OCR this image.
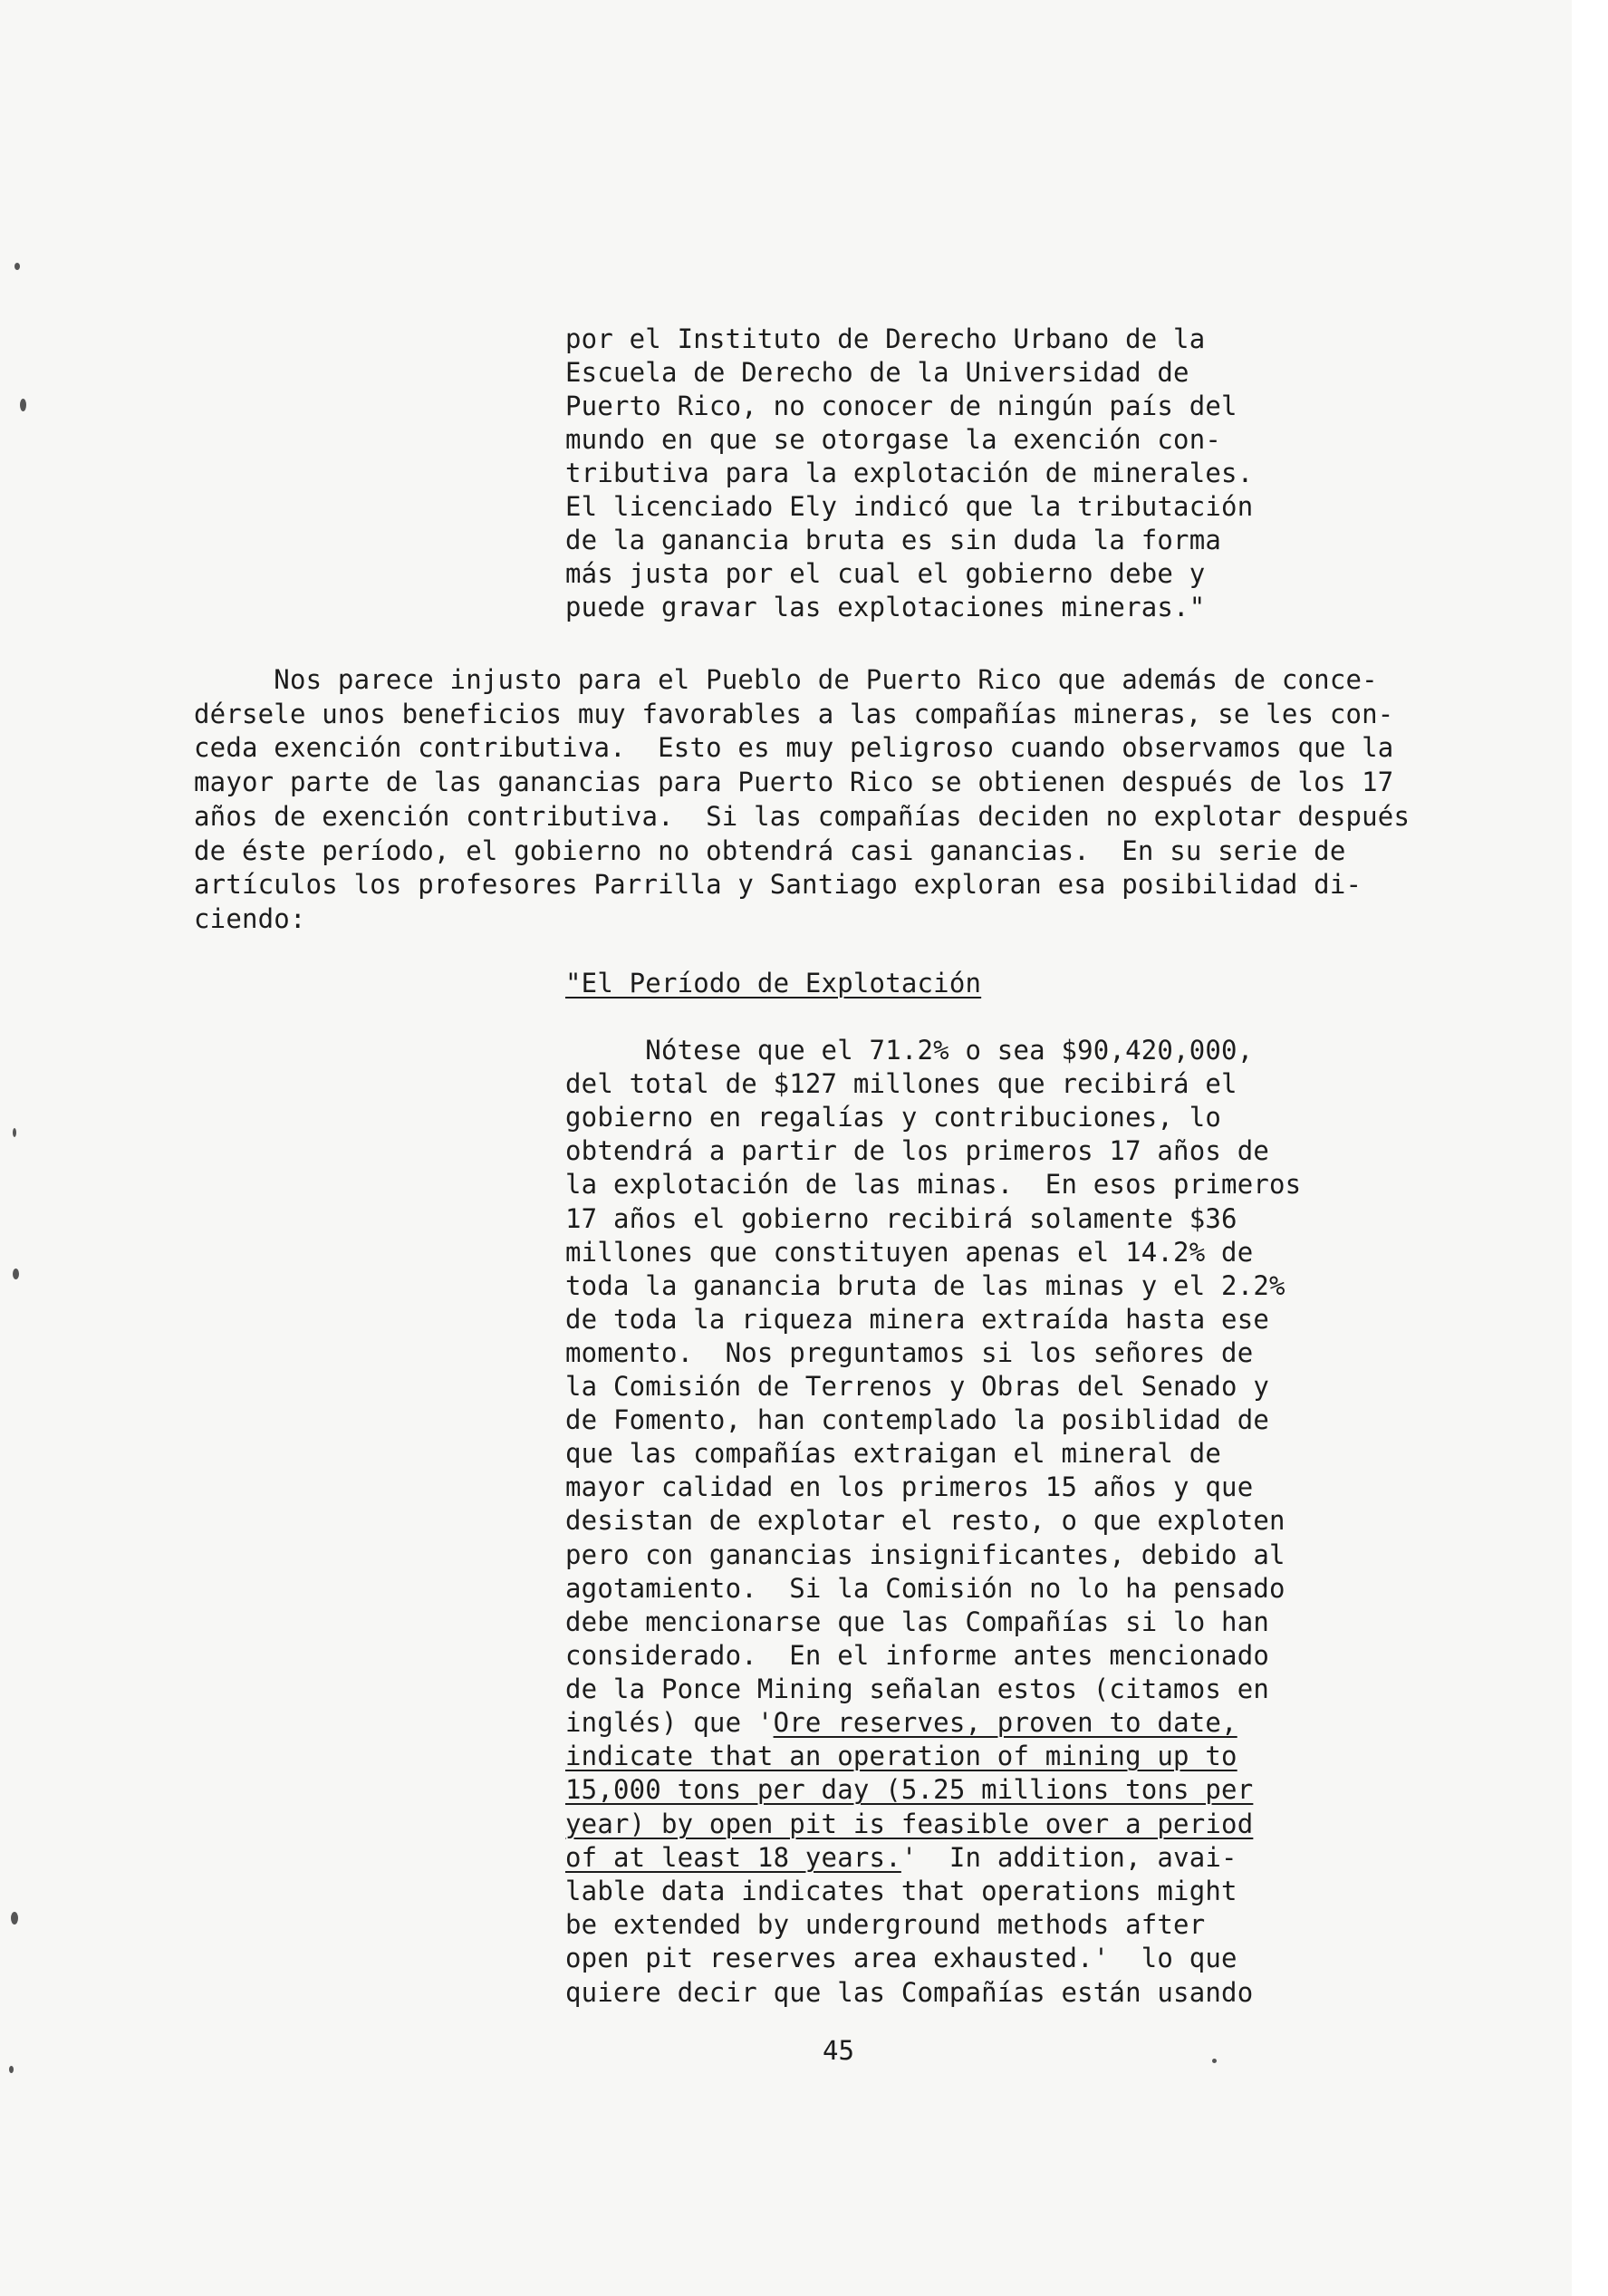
por el Instituto de Derecho Urbano de la
Escuela de Derecho de la Universidad de
Puerto Rico, no conocer de ningún país del
mundo en que se otorgase la exención con-
tributiva para la explotación de minerales.
El licenciado Ely indicó que la tributación
de la ganancia bruta es sin duda la forma
más justa por el cual el gobierno debe y
puede gravar las explotaciones mineras."
Nos parece injusto para el Pueblo de Puerto Rico que además de conce-
dérsele unos beneficios muy favorables a las compañías mineras, se les con-
ceda exención contributiva.  Esto es muy peligroso cuando observamos que la
mayor parte de las ganancias para Puerto Rico se obtienen después de los 17
años de exención contributiva.  Si las compañías deciden no explotar después
de éste período, el gobierno no obtendrá casi ganancias.  En su serie de
artículos los profesores Parrilla y Santiago exploran esa posibilidad di-
ciendo:
"El Período de Explotación
Nótese que el 71.2% o sea $90,420,000,
del total de $127 millones que recibirá el
gobierno en regalías y contribuciones, lo
obtendrá a partir de los primeros 17 años de
la explotación de las minas.  En esos primeros
17 años el gobierno recibirá solamente $36
millones que constituyen apenas el 14.2% de
toda la ganancia bruta de las minas y el 2.2%
de toda la riqueza minera extraída hasta ese
momento.  Nos preguntamos si los señores de
la Comisión de Terrenos y Obras del Senado y
de Fomento, han contemplado la posiblidad de
que las compañías extraigan el mineral de
mayor calidad en los primeros 15 años y que
desistan de explotar el resto, o que exploten
pero con ganancias insignificantes, debido al
agotamiento.  Si la Comisión no lo ha pensado
debe mencionarse que las Compañías si lo han
considerado.  En el informe antes mencionado
de la Ponce Mining señalan estos (citamos en
inglés) que 'Ore reserves, proven to date,
indicate that an operation of mining up to
15,000 tons per day (5.25 millions tons per
year) by open pit is feasible over a period
of at least 18 years.'  In addition, avai-
lable data indicates that operations might
be extended by underground methods after
open pit reserves area exhausted.'  lo que
quiere decir que las Compañías están usando
45
